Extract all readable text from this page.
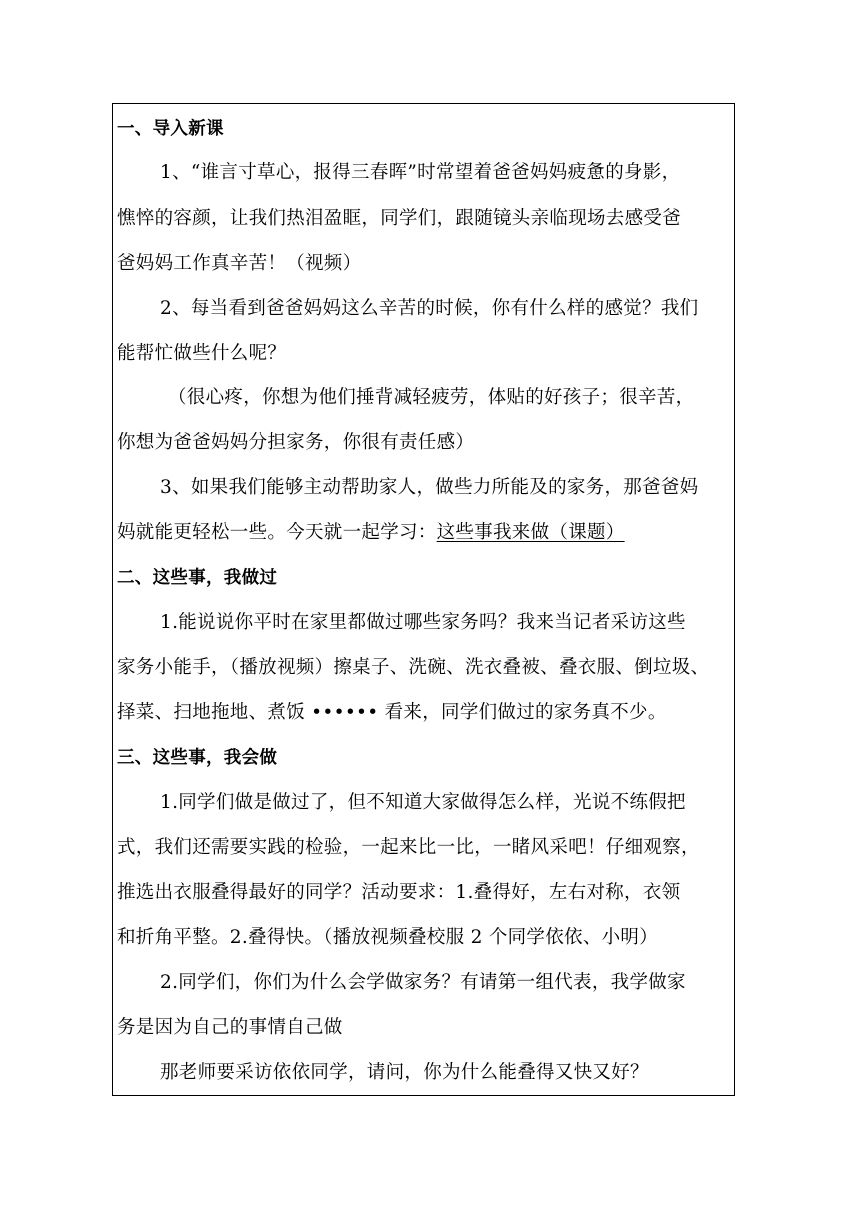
一、导入新课
1、“谁言寸草心，报得三春晖”时常望着爸爸妈妈疲惫的身影，
憔悴的容颜，让我们热泪盈眶，同学们，跟随镜头亲临现场去感受爸
爸妈妈工作真辛苦！（视频）
2、每当看到爸爸妈妈这么辛苦的时候，你有什么样的感觉？我们
能帮忙做些什么呢？
（很心疼，你想为他们捶背减轻疲劳，体贴的好孩子；很辛苦，
你想为爸爸妈妈分担家务，你很有责任感）
3、如果我们能够主动帮助家人，做些力所能及的家务，那爸爸妈
妈就能更轻松一些。今天就一起学习：这些事我来做（课题）
二、这些事，我做过
1.能说说你平时在家里都做过哪些家务吗？我来当记者采访这些
家务小能手，（播放视频）擦桌子、洗碗、洗衣叠被、叠衣服、倒垃圾、
择菜、扫地拖地、煮饭 •••••• 看来，同学们做过的家务真不少。
三、这些事，我会做
1.同学们做是做过了，但不知道大家做得怎么样，光说不练假把
式，我们还需要实践的检验，一起来比一比，一睹风采吧！仔细观察，
推选出衣服叠得最好的同学？活动要求：1.叠得好，左右对称，衣领
和折角平整。2.叠得快。（播放视频叠校服 2 个同学依依、小明）
2.同学们，你们为什么会学做家务？有请第一组代表，我学做家
务是因为自己的事情自己做
那老师要采访依依同学，请问，你为什么能叠得又快又好？
